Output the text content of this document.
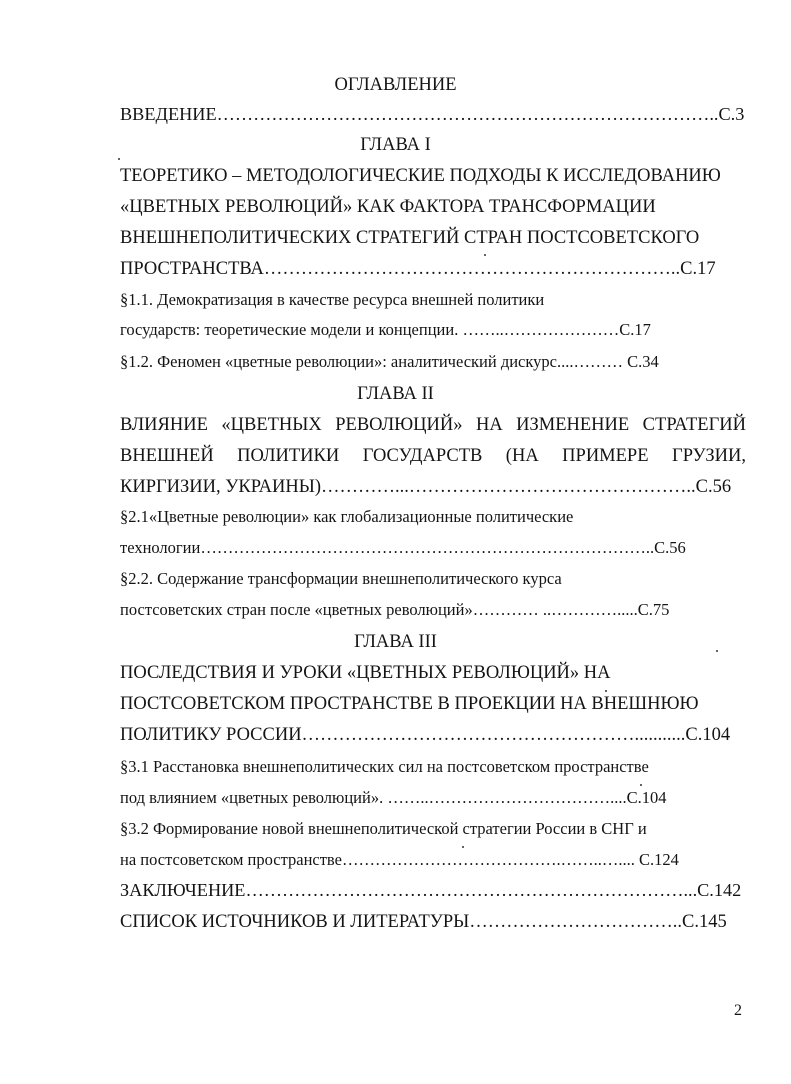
ОГЛАВЛЕНИЕ
ВВЕДЕНИЕ………………………………………………………………………..С.3
ГЛАВА I
ТЕОРЕТИКО – МЕТОДОЛОГИЧЕСКИЕ ПОДХОДЫ К ИССЛЕДОВАНИЮ
«ЦВЕТНЫХ РЕВОЛЮЦИЙ» КАК ФАКТОРА ТРАНСФОРМАЦИИ
ВНЕШНЕПОЛИТИЧЕСКИХ СТРАТЕГИЙ СТРАН ПОСТСОВЕТСКОГО
ПРОСТРАНСТВА…………………………………………………………..С.17
§1.1. Демократизация в качестве ресурса внешней политики
государств: теоретические модели и концепции. ……..…………………С.17
§1.2. Феномен «цветные революции»: аналитический дискурс....……… С.34
ГЛАВА II
ВЛИЯНИЕ «ЦВЕТНЫХ РЕВОЛЮЦИЙ» НА ИЗМЕНЕНИЕ СТРАТЕГИЙ
ВНЕШНЕЙ ПОЛИТИКИ ГОСУДАРСТВ (НА ПРИМЕРЕ ГРУЗИИ,
КИРГИЗИИ, УКРАИНЫ)…………...………………………………………..С.56
§2.1«Цветные революции» как глобализационные политические
технологии………………………………………………………………………..С.56
§2.2. Содержание трансформации внешнеполитического курса
постсоветских стран после «цветных революций»………… ..………….....С.75
ГЛАВА III
ПОСЛЕДСТВИЯ И УРОКИ «ЦВЕТНЫХ РЕВОЛЮЦИЙ» НА
ПОСТСОВЕТСКОМ ПРОСТРАНСТВЕ В ПРОЕКЦИИ НА ВНЕШНЮЮ
ПОЛИТИКУ РОССИИ………………………………………………...........С.104
§3.1 Расстановка внешнеполитических сил на постсоветском пространстве
под влиянием «цветных революций». ……..……………………………....С.104
§3.2 Формирование новой внешнеполитической стратегии России в СНГ и
на постсоветском пространстве………………………………….……..….... С.124
ЗАКЛЮЧЕНИЕ………………………………………………………………...С.142
СПИСОК ИСТОЧНИКОВ И ЛИТЕРАТУРЫ……………………………..С.145
2
